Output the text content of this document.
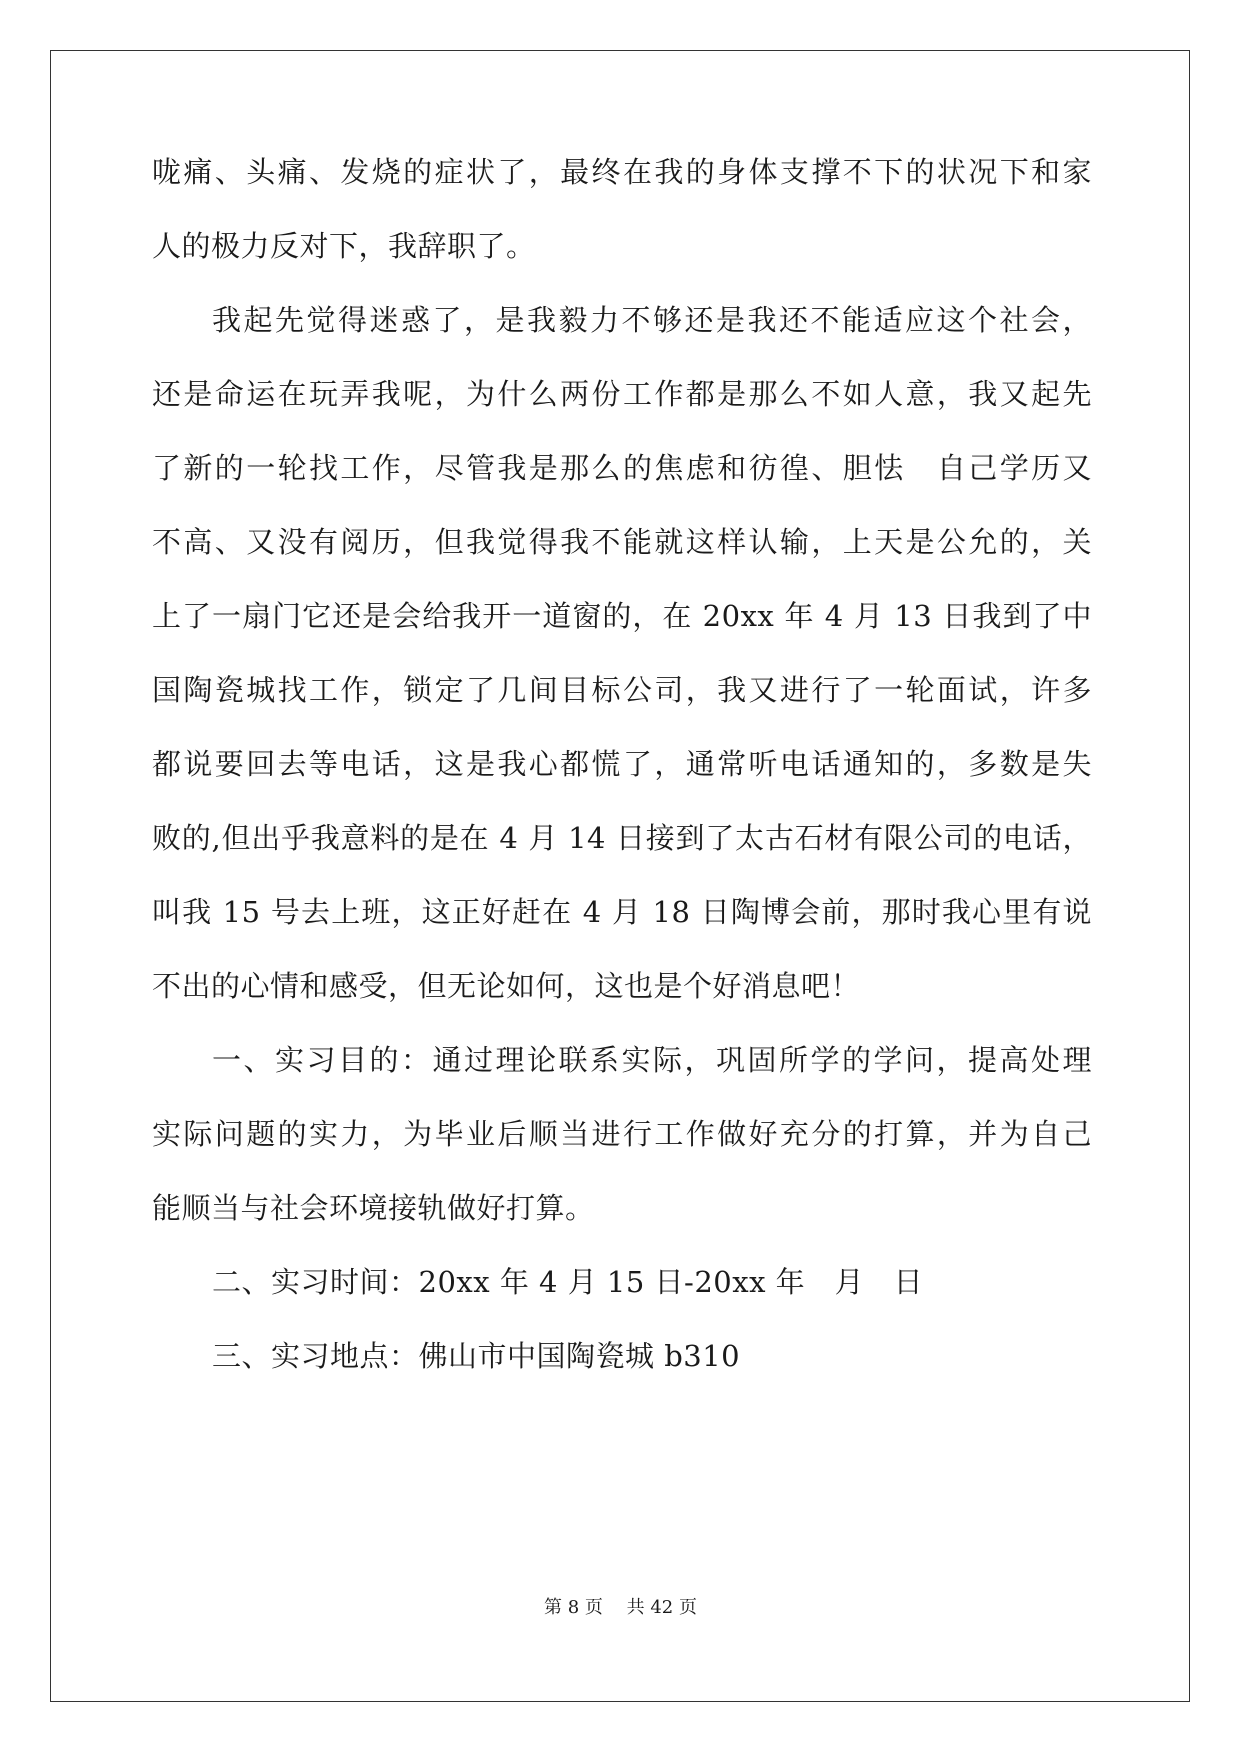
咙痛、头痛、发烧的症状了，最终在我的身体支撑不下的状况下和家
人的极力反对下，我辞职了。
我起先觉得迷惑了，是我毅力不够还是我还不能适应这个社会，
还是命运在玩弄我呢，为什么两份工作都是那么不如人意，我又起先
了新的一轮找工作，尽管我是那么的焦虑和彷徨、胆怯　自己学历又
不高、又没有阅历，但我觉得我不能就这样认输，上天是公允的，关
上了一扇门它还是会给我开一道窗的，在 20xx 年 4 月 13 日我到了中
国陶瓷城找工作，锁定了几间目标公司，我又进行了一轮面试，许多
都说要回去等电话，这是我心都慌了，通常听电话通知的，多数是失
败的,但出乎我意料的是在 4 月 14 日接到了太古石材有限公司的电话，
叫我 15 号去上班，这正好赶在 4 月 18 日陶博会前，那时我心里有说
不出的心情和感受，但无论如何，这也是个好消息吧！
一、实习目的：通过理论联系实际，巩固所学的学问，提高处理
实际问题的实力，为毕业后顺当进行工作做好充分的打算，并为自己
能顺当与社会环境接轨做好打算。
二、实习时间：20xx 年 4 月 15 日-20xx 年　月　日
三、实习地点：佛山市中国陶瓷城 b310
第 8 页　 共 42 页
